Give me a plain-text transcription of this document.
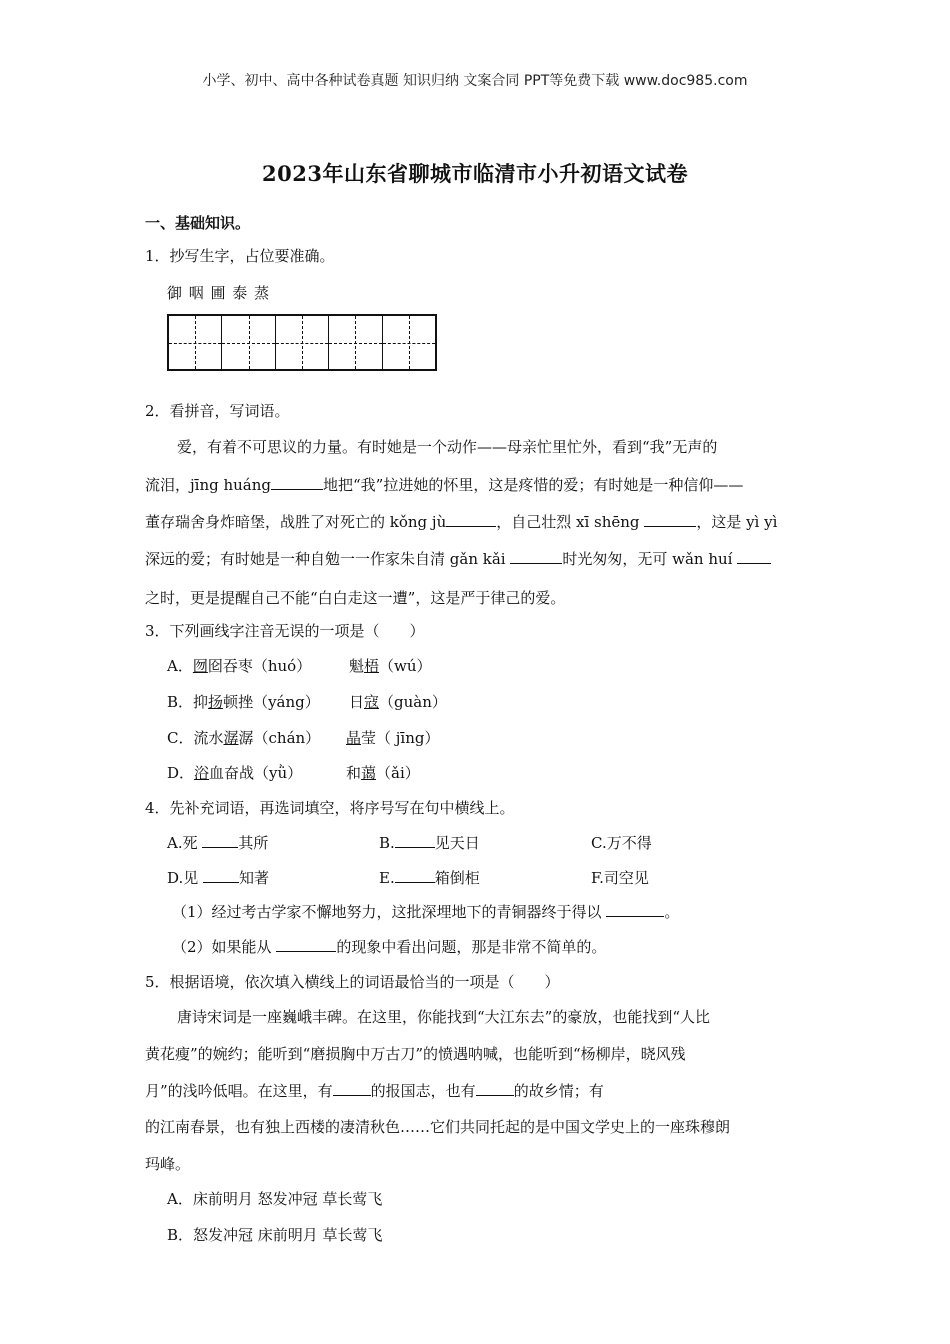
小学、初中、高中各种试卷真题 知识归纳 文案合同 PPT等免费下载 www.doc985.com
2023年山东省聊城市临清市小升初语文试卷
一、基础知识。
1．抄写生字，占位要准确。
御 咽 圃 泰 蒸
2．看拼音，写词语。
爱，有着不可思议的力量。有时她是一个动作——母亲忙里忙外，看到“我”无声的
流泪，jīng huáng	地把“我”拉进她的怀里，这是疼惜的爱；有时她是一种信仰——
董存瑞舍身炸暗堡，战胜了对死亡的 kǒng jù	，自己壮烈 xī shēng	，这是 yì yì
深远的爱；有时她是一种自勉一一作家朱自清 gǎn kǎi	时光匆匆，无可 wǎn huí
之时，更是提醒自己不能“白白走这一遭”，这是严于律己的爱。
3．下列画线字注音无误的一项是（　　）
A．囫囵吞枣（huó）	魁梧（wú）
B．抑扬顿挫（yáng） 日寇（guàn）
C．流水潺潺（chán） 晶莹（ jīng）
D．浴血奋战（yǜ）	和蔼（ǎi）
4．先补充词语，再选词填空，将序号写在句中横线上。
A.死 其所	B.	见天日	C.万不得
D.见 知著	E.	箱倒柜	F.司空见
（1）经过考古学家不懈地努力，这批深埋地下的青铜器终于得以	。
（2）如果能从	的现象中看出问题，那是非常不简单的。
5．根据语境，依次填入横线上的词语最恰当的一项是（　　）
唐诗宋词是一座巍峨丰碑。在这里，你能找到“大江东去”的豪放，也能找到“人比
黄花瘦”的婉约；能听到“磨损胸中万古刀”的愤遇呐喊，也能听到“杨柳岸，晓风残
月”的浅吟低唱。在这里，有	的报国志，也有	的故乡情；有
的江南春景，也有独上西楼的凄清秋色……它们共同托起的是中国文学史上的一座珠穆朗
玛峰。
A．床前明月 怒发冲冠 草长莺飞
B．怒发冲冠 床前明月 草长莺飞
